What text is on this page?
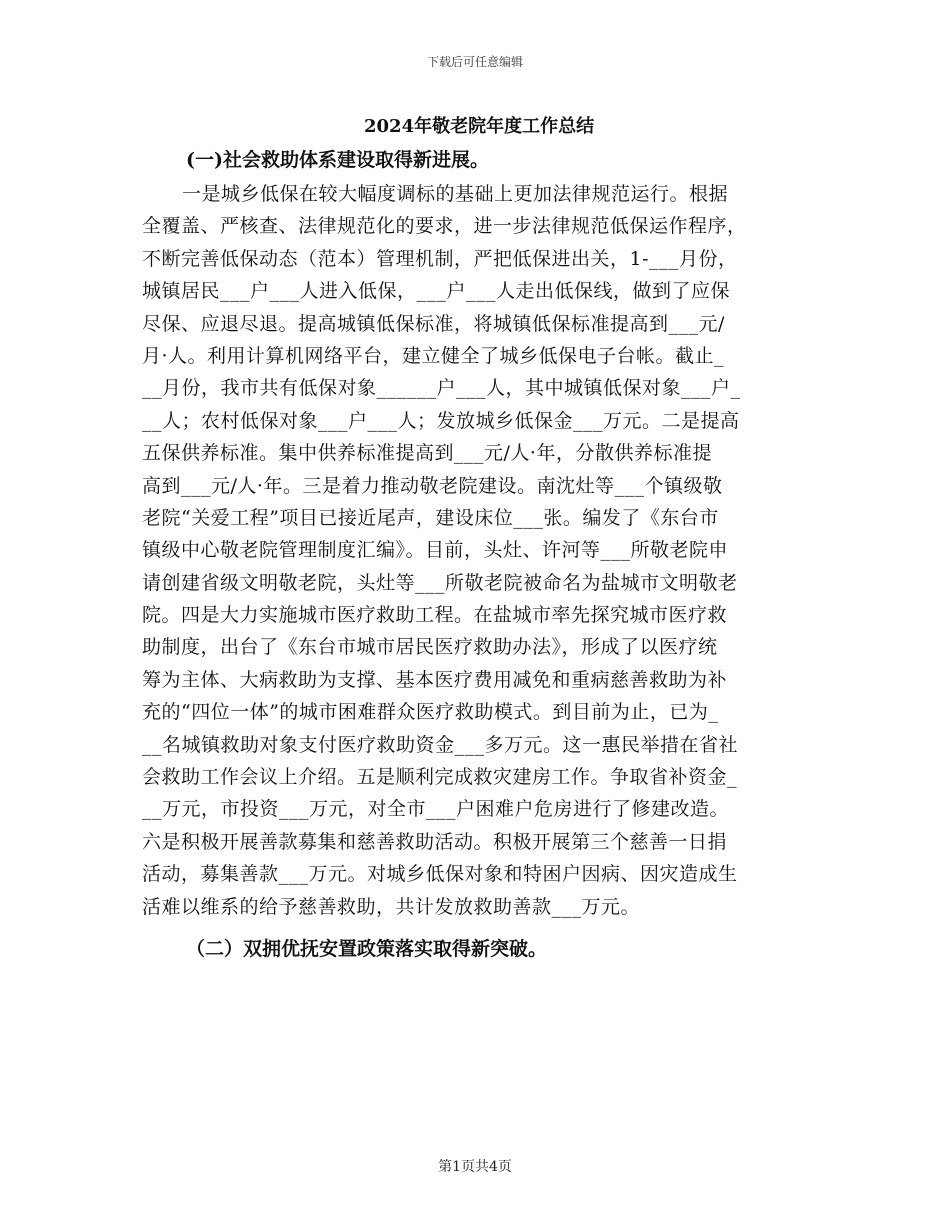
下载后可任意编辑
2024年敬老院年度工作总结
(一)社会救助体系建设取得新进展。
一是城乡低保在较大幅度调标的基础上更加法律规范运行。根据
全覆盖、严核查、法律规范化的要求，进一步法律规范低保运作程序，
不断完善低保动态（范本）管理机制，严把低保进出关，1-___月份，
城镇居民___户___人进入低保，___户___人走出低保线，做到了应保
尽保、应退尽退。提高城镇低保标准，将城镇低保标准提高到___元/
月·人。利用计算机网络平台，建立健全了城乡低保电子台帐。截止_
__月份，我市共有低保对象______户___人，其中城镇低保对象___户_
__人；农村低保对象___户___人；发放城乡低保金___万元。二是提高
五保供养标准。集中供养标准提高到___元/人·年，分散供养标准提
高到___元/人·年。三是着力推动敬老院建设。南沈灶等___个镇级敬
老院“关爱工程”项目已接近尾声，建设床位___张。编发了《东台市
镇级中心敬老院管理制度汇编》。目前，头灶、许河等___所敬老院申
请创建省级文明敬老院，头灶等___所敬老院被命名为盐城市文明敬老
院。四是大力实施城市医疗救助工程。在盐城市率先探究城市医疗救
助制度，出台了《东台市城市居民医疗救助办法》，形成了以医疗统
筹为主体、大病救助为支撑、基本医疗费用减免和重病慈善救助为补
充的“四位一体”的城市困难群众医疗救助模式。到目前为止，已为_
__名城镇救助对象支付医疗救助资金___多万元。这一惠民举措在省社
会救助工作会议上介绍。五是顺利完成救灾建房工作。争取省补资金_
__万元，市投资___万元，对全市___户困难户危房进行了修建改造。
六是积极开展善款募集和慈善救助活动。积极开展第三个慈善一日捐
活动，募集善款___万元。对城乡低保对象和特困户因病、因灾造成生
活难以维系的给予慈善救助，共计发放救助善款___万元。
（二）双拥优抚安置政策落实取得新突破。
第1页共4页
